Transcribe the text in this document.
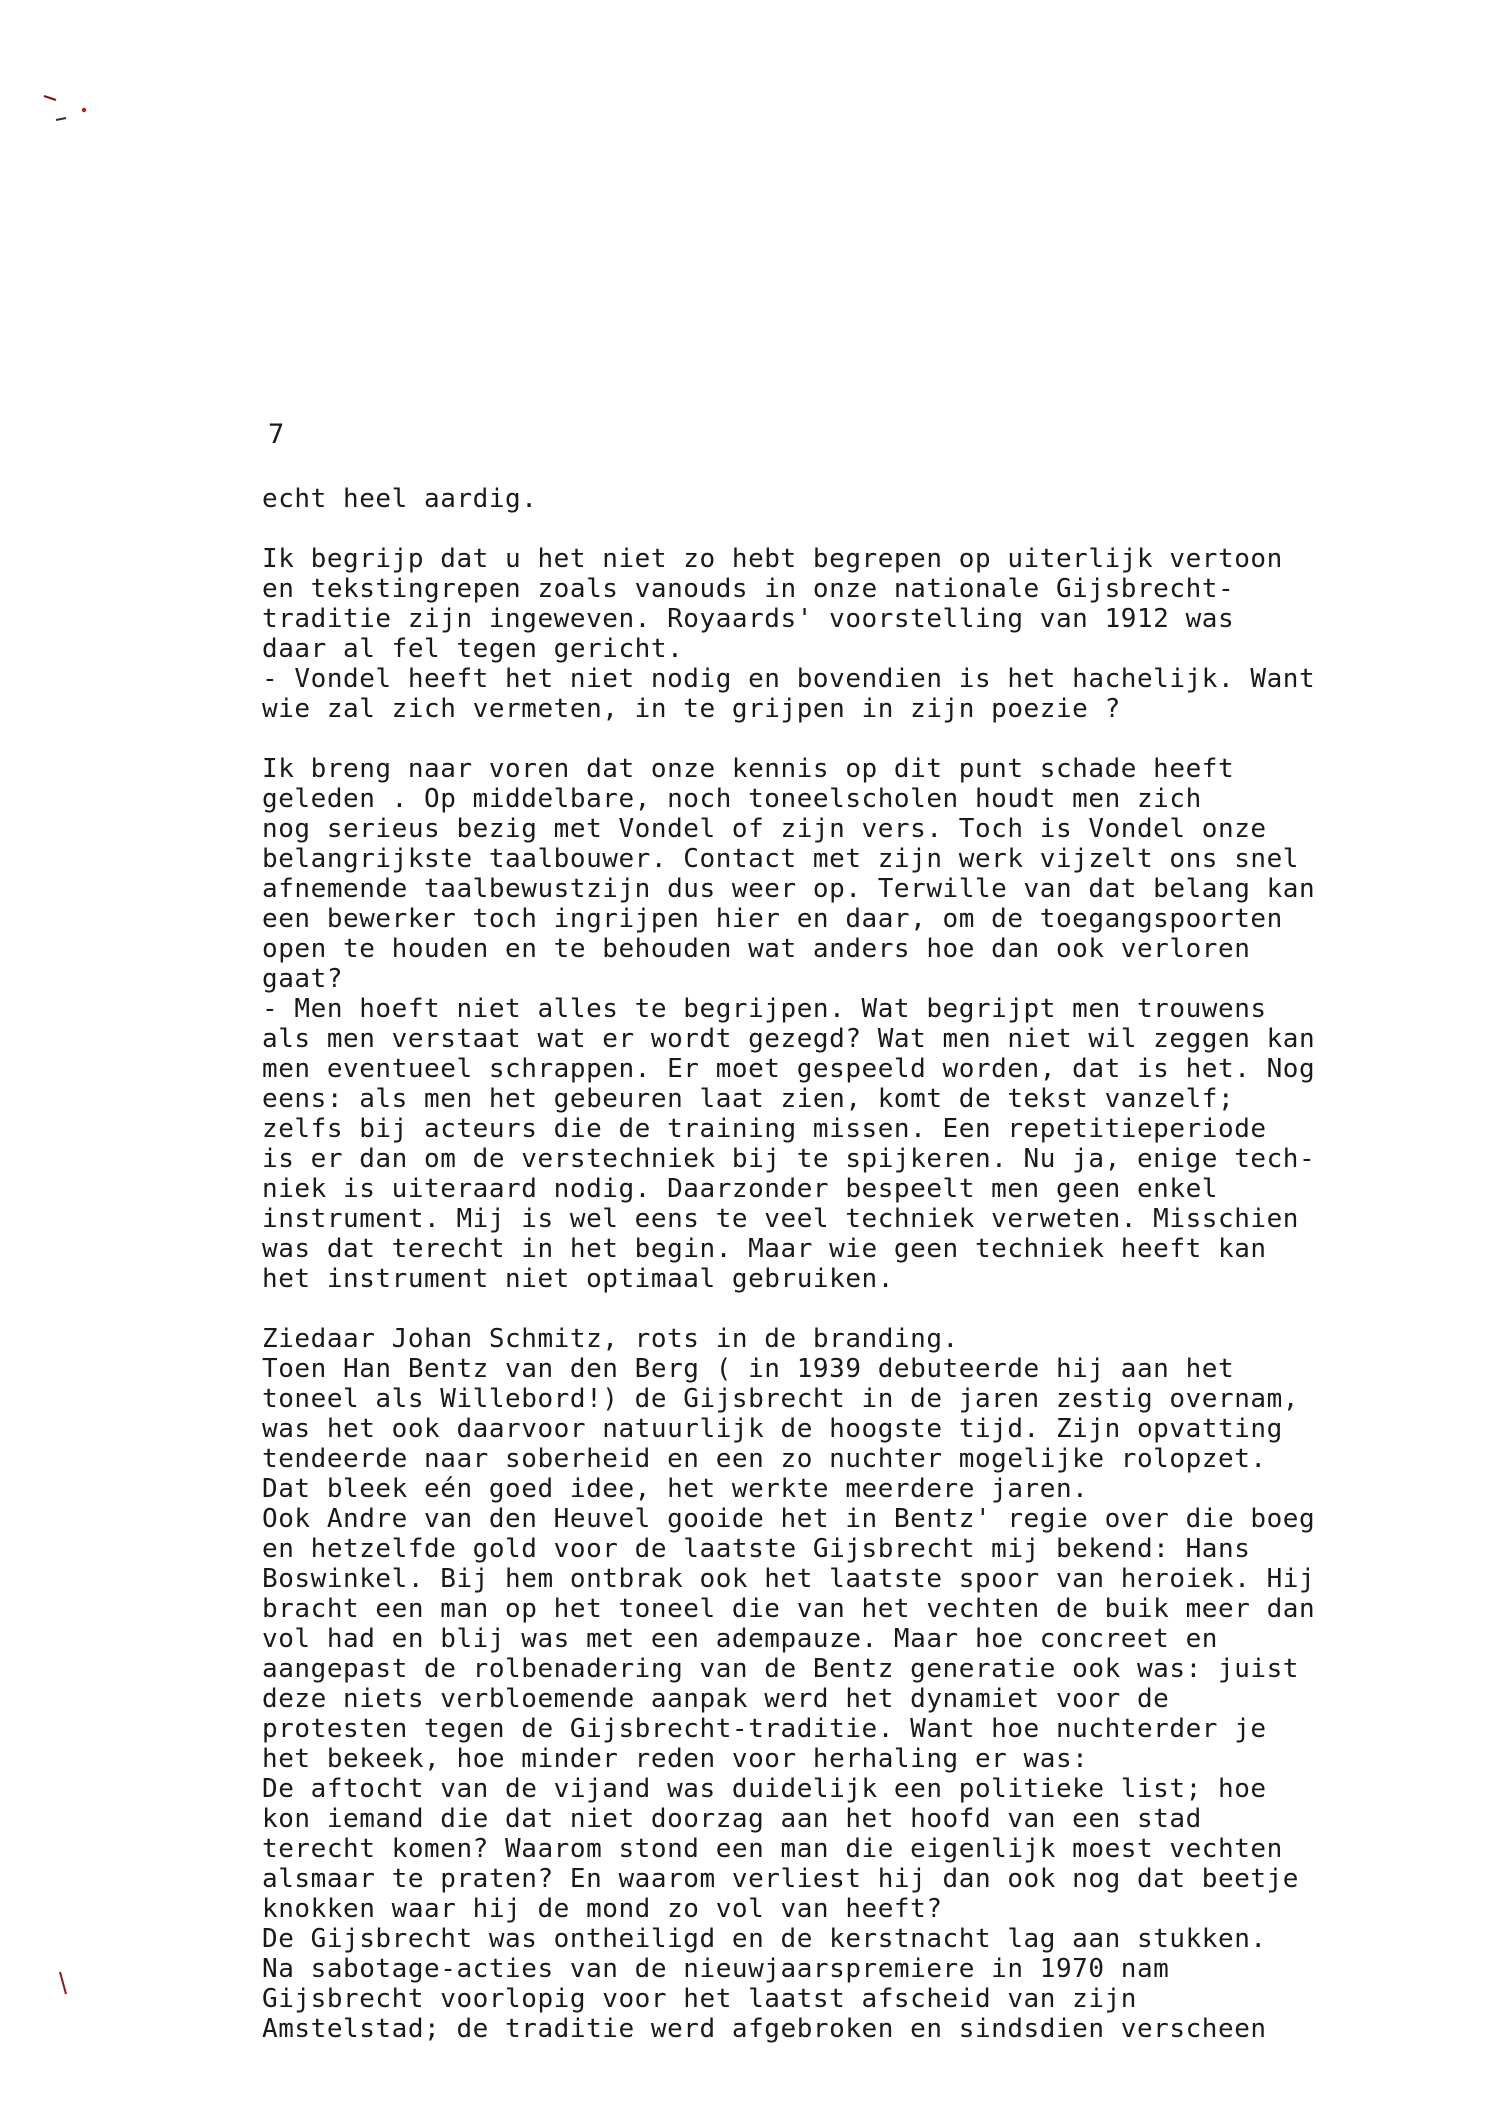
7
echt heel aardig.
Ik begrijp dat u het niet zo hebt begrepen op uiterlijk vertoon
en tekstingrepen zoals vanouds in onze nationale Gijsbrecht-
traditie zijn ingeweven. Royaards' voorstelling van 1912 was
daar al fel tegen gericht.
- Vondel heeft het niet nodig en bovendien is het hachelijk. Want
wie zal zich vermeten, in te grijpen in zijn poezie ?
Ik breng naar voren dat onze kennis op dit punt schade heeft
geleden . Op middelbare, noch toneelscholen houdt men zich
nog serieus bezig met Vondel of zijn vers. Toch is Vondel onze
belangrijkste taalbouwer. Contact met zijn werk vijzelt ons snel
afnemende taalbewustzijn dus weer op. Terwille van dat belang kan
een bewerker toch ingrijpen hier en daar, om de toegangspoorten
open te houden en te behouden wat anders hoe dan ook verloren
gaat?
- Men hoeft niet alles te begrijpen. Wat begrijpt men trouwens
als men verstaat wat er wordt gezegd? Wat men niet wil zeggen kan
men eventueel schrappen. Er moet gespeeld worden, dat is het. Nog
eens: als men het gebeuren laat zien, komt de tekst vanzelf;
zelfs bij acteurs die de training missen. Een repetitieperiode
is er dan om de verstechniek bij te spijkeren. Nu ja, enige tech-
niek is uiteraard nodig. Daarzonder bespeelt men geen enkel
instrument. Mij is wel eens te veel techniek verweten. Misschien
was dat terecht in het begin. Maar wie geen techniek heeft kan
het instrument niet optimaal gebruiken.
Ziedaar Johan Schmitz, rots in de branding.
Toen Han Bentz van den Berg ( in 1939 debuteerde hij aan het
toneel als Willebord!) de Gijsbrecht in de jaren zestig overnam,
was het ook daarvoor natuurlijk de hoogste tijd. Zijn opvatting
tendeerde naar soberheid en een zo nuchter mogelijke rolopzet.
Dat bleek eén goed idee, het werkte meerdere jaren.
Ook Andre van den Heuvel gooide het in Bentz' regie over die boeg
en hetzelfde gold voor de laatste Gijsbrecht mij bekend: Hans
Boswinkel. Bij hem ontbrak ook het laatste spoor van heroiek. Hij
bracht een man op het toneel die van het vechten de buik meer dan
vol had en blij was met een adempauze. Maar hoe concreet en
aangepast de rolbenadering van de Bentz generatie ook was: juist
deze niets verbloemende aanpak werd het dynamiet voor de
protesten tegen de Gijsbrecht-traditie. Want hoe nuchterder je
het bekeek, hoe minder reden voor herhaling er was:
De aftocht van de vijand was duidelijk een politieke list; hoe
kon iemand die dat niet doorzag aan het hoofd van een stad
terecht komen? Waarom stond een man die eigenlijk moest vechten
alsmaar te praten? En waarom verliest hij dan ook nog dat beetje
knokken waar hij de mond zo vol van heeft?
De Gijsbrecht was ontheiligd en de kerstnacht lag aan stukken.
Na sabotage-acties van de nieuwjaarspremiere in 1970 nam
Gijsbrecht voorlopig voor het laatst afscheid van zijn
Amstelstad; de traditie werd afgebroken en sindsdien verscheen
